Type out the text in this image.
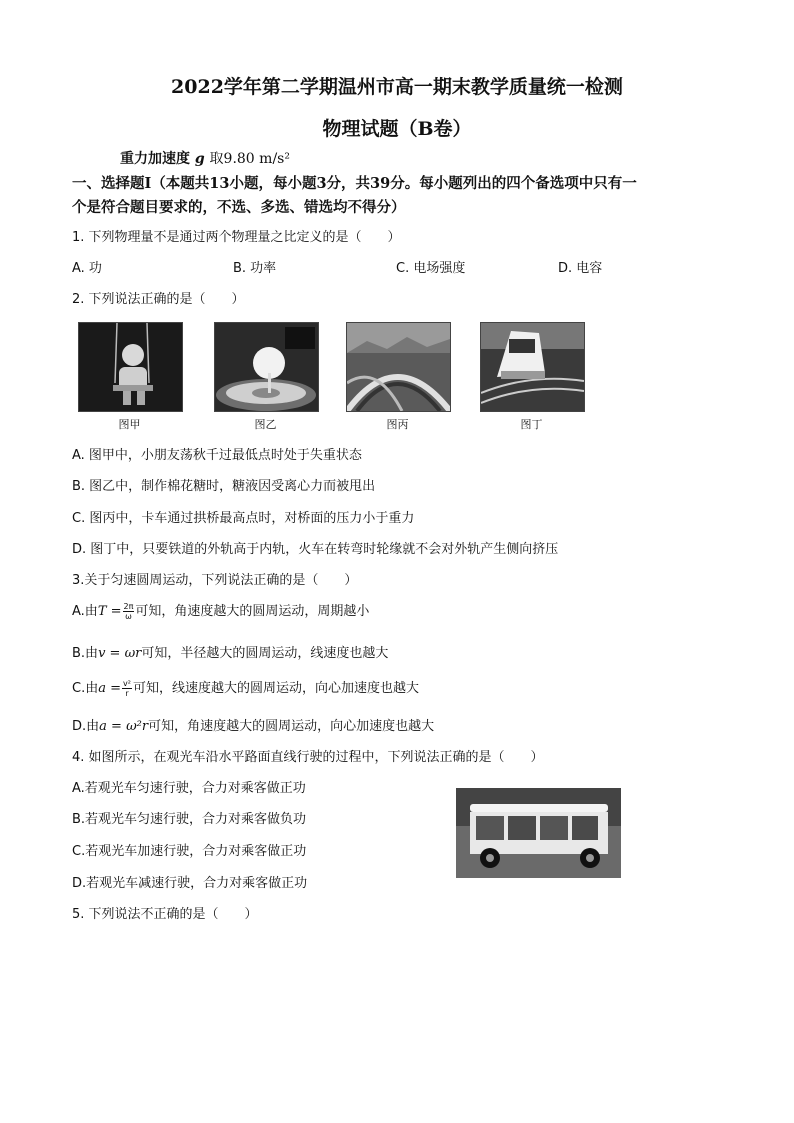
2022学年第二学期温州市高一期末教学质量统一检测
物理试题（B卷）
重力加速度 g 取9.80 m/s²
一、选择题Ⅰ（本题共13小题，每小题3分，共39分。每小题列出的四个备选项中只有一
个是符合题目要求的，不选、多选、错选均不得分）
1. 下列物理量不是通过两个物理量之比定义的是（　　）
A. 功	B. 功率	C. 电场强度	D. 电容
2. 下列说法正确的是（　　）
图甲	图乙	图丙	图丁
A. 图甲中，小朋友荡秋千过最低点时处于失重状态
B. 图乙中，制作棉花糖时，糖液因受离心力而被甩出
C. 图丙中，卡车通过拱桥最高点时，对桥面的压力小于重力
D. 图丁中，只要铁道的外轨高于内轨，火车在转弯时轮缘就不会对外轨产生侧向挤压
3.关于匀速圆周运动，下列说法正确的是（　　）
A.由$T = \frac{2\pi}{\omega}$ 可知，角速度越大的圆周运动，周期越小
B.由v = ωr可知，半径越大的圆周运动，线速度也越大
C.由$a = \frac{\text{v²}}{r}$ 可知，线速度越大的圆周运动，向心加速度也越大
D.由a = ω²r可知，角速度越大的圆周运动，向心加速度也越大
4. 如图所示，在观光车沿水平路面直线行驶的过程中，下列说法正确的是（　　）
A.若观光车匀速行驶，合力对乘客做正功
B.若观光车匀速行驶，合力对乘客做负功
C.若观光车加速行驶，合力对乘客做正功
D.若观光车减速行驶，合力对乘客做正功
5. 下列说法不正确的是（　　）
